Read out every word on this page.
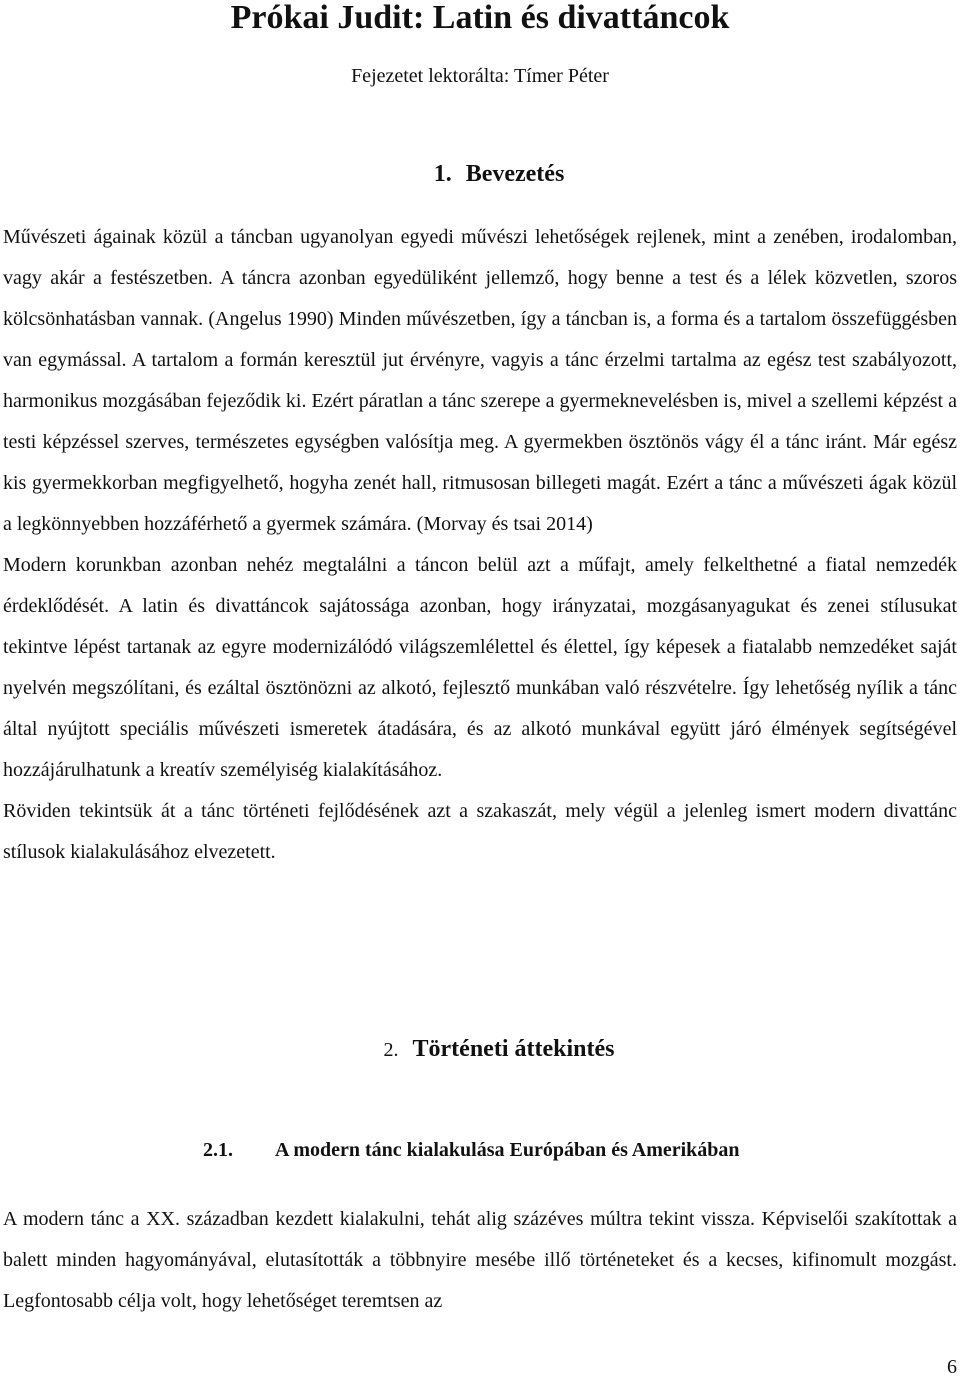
Prókai Judit: Latin és divattáncok

Fejezetet lektorálta: Tímer Péter

1. Bevezetés

Művészeti ágainak közül a táncban ugyanolyan egyedi művészi lehetőségek rejlenek, mint a zenében, irodalomban, vagy akár a festészetben. A táncra azonban egyedüliként jellemző, hogy benne a test és a lélek közvetlen, szoros kölcsönhatásban vannak. (Angelus 1990) Minden művészetben, így a táncban is, a forma és a tartalom összefüggésben van egymással. A tartalom a formán keresztül jut érvényre, vagyis a tánc érzelmi tartalma az egész test szabályozott, harmonikus mozgásában fejeződik ki. Ezért páratlan a tánc szerepe a gyermeknevelésben is, mivel a szellemi képzést a testi képzéssel szerves, természetes egységben valósítja meg. A gyermekben ösztönös vágy él a tánc iránt. Már egész kis gyermekkorban megfigyelhető, hogyha zenét hall, ritmusosan billegeti magát. Ezért a tánc a művészeti ágak közül a legkönnyebben hozzáférhető a gyermek számára. (Morvay és tsai 2014)

Modern korunkban azonban nehéz megtalálni a táncon belül azt a műfajt, amely felkelthetné a fiatal nemzedék érdeklődését. A latin és divattáncok sajátossága azonban, hogy irányzatai, mozgásanyagukat és zenei stílusukat tekintve lépést tartanak az egyre modernizálódó világszemlélettel és élettel, így képesek a fiatalabb nemzedéket saját nyelvén megszólítani, és ezáltal ösztönözni az alkotó, fejlesztő munkában való részvételre. Így lehetőség nyílik a tánc által nyújtott speciális művészeti ismeretek átadására, és az alkotó munkával együtt járó élmények segítségével hozzájárulhatunk a kreatív személyiség kialakításához.

Röviden tekintsük át a tánc történeti fejlődésének azt a szakaszát, mely végül a jelenleg ismert modern divattánc stílusok kialakulásához elvezetett.

2. Történeti áttekintés
2.1. A modern tánc kialakulása Európában és Amerikában

A modern tánc a XX. században kezdett kialakulni, tehát alig százéves múltra tekint vissza. Képviselői szakítottak a balett minden hagyományával, elutasították a többnyire mesébe illő történeteket és a kecses, kifinomult mozgást. Legfontosabb célja volt, hogy lehetőséget teremtsen az

6
